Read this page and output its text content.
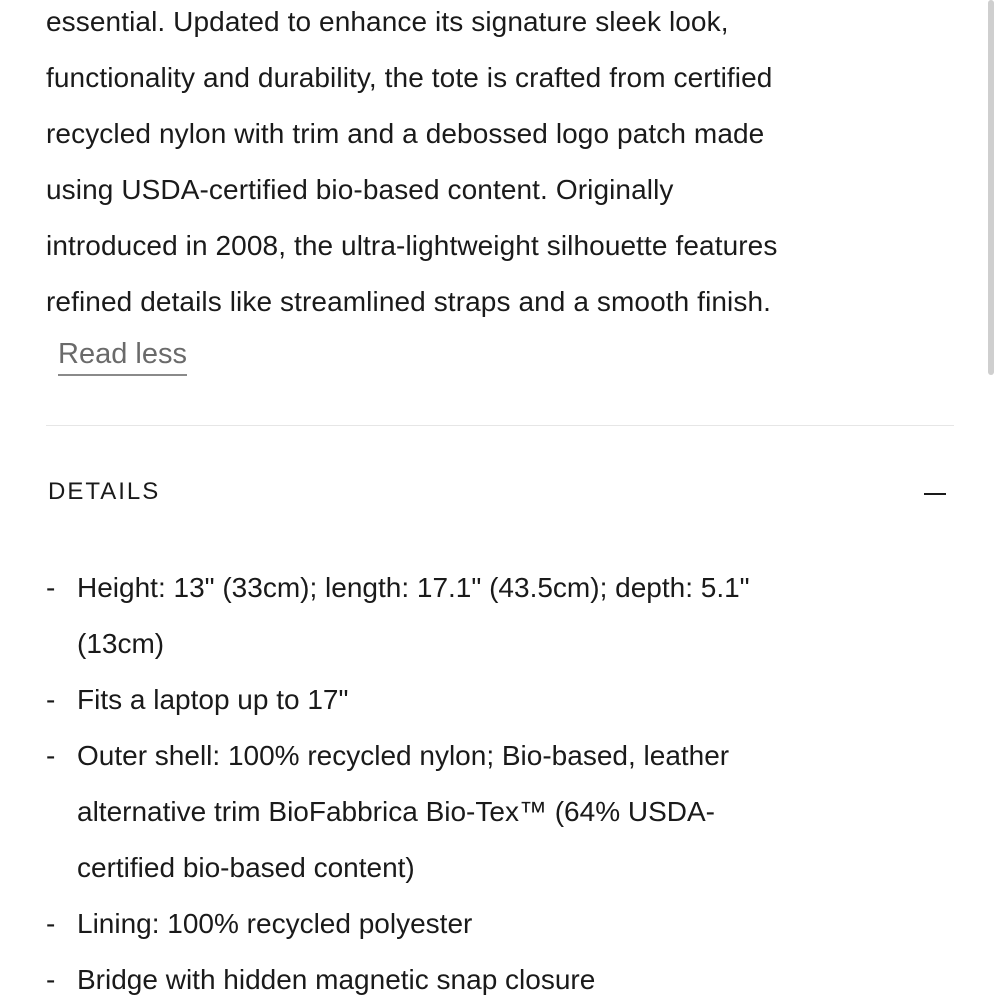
essential. Updated to enhance its signature sleek look,
functionality and durability, the tote is crafted from certified
recycled nylon with trim and a debossed logo patch made
using USDA-certified bio-based content. Originally
introduced in 2008, the ultra-lightweight silhouette features
refined details like streamlined straps and a smooth finish.
Read less
DETAILS
- Height: 13" (33cm); length: 17.1" (43.5cm); depth: 5.1"
(13cm)
- Fits a laptop up to 17"
- Outer shell: 100% recycled nylon; Bio-based, leather
alternative trim BioFabbrica Bio-Tex™ (64% USDA-
certified bio-based content)
- Lining: 100% recycled polyester
- Bridge with hidden magnetic snap closure
